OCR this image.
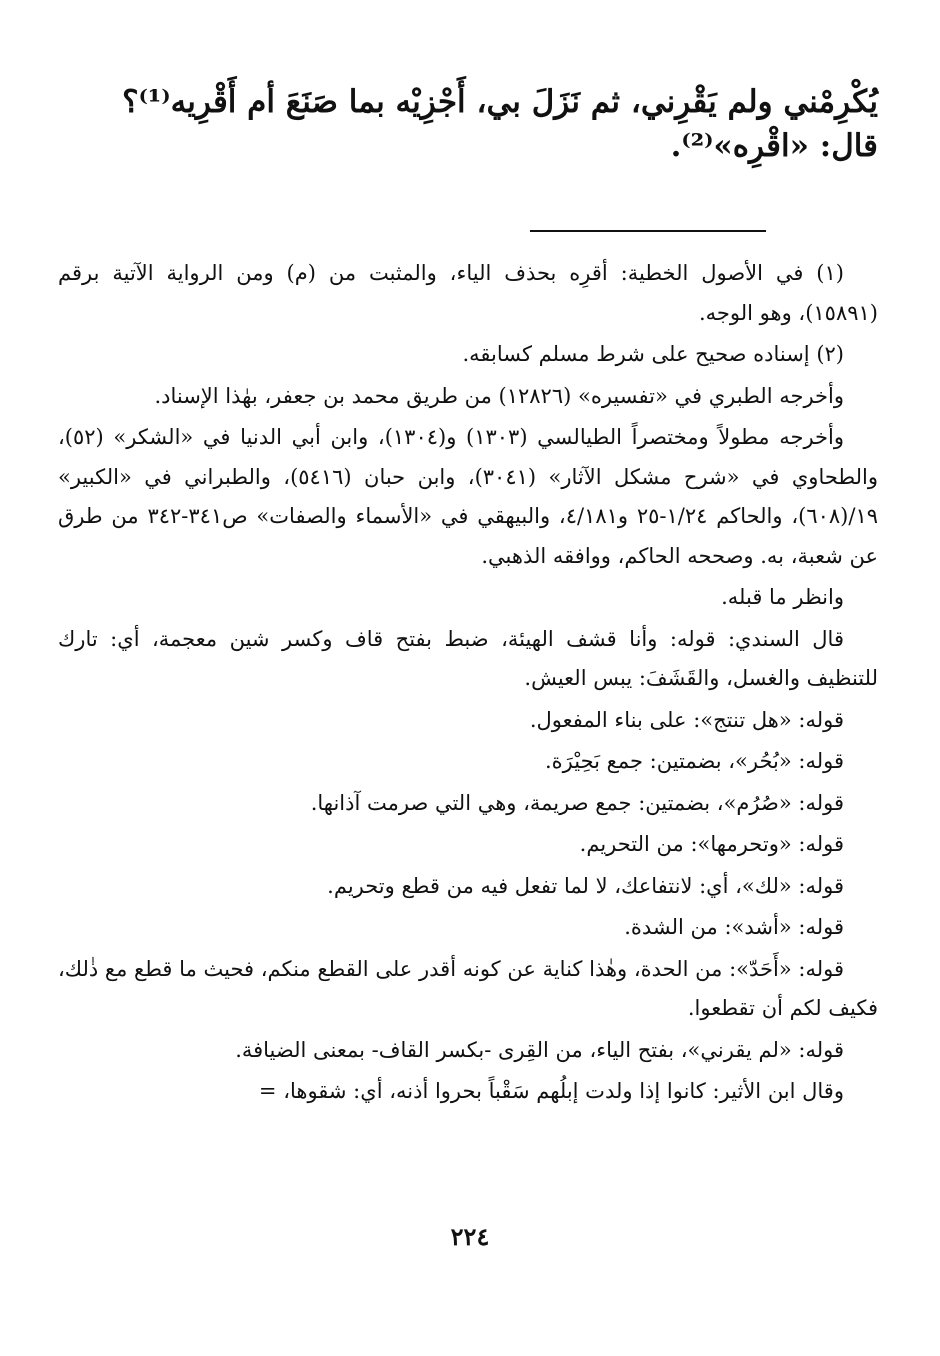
يُكْرِمْني ولم يَقْرِني، ثم نَزَلَ بي، أَجْزِيْه بما صَنَعَ أم أَقْرِيه⁽¹⁾؟
قال: «اقْرِه»⁽²⁾.

(١) في الأصول الخطية: أقرِه بحذف الياء، والمثبت من (م) ومن الرواية الآتية برقم (١٥٨٩١)، وهو الوجه.

(٢) إسناده صحيح على شرط مسلم كسابقه.

وأخرجه الطبري في «تفسيره» (١٢٨٢٦) من طريق محمد بن جعفر، بهٰذا الإسناد.

وأخرجه مطولاً ومختصراً الطيالسي (١٣٠٣) و(١٣٠٤)، وابن أبي الدنيا في «الشكر» (٥٢)، والطحاوي في «شرح مشكل الآثار» (٣٠٤١)، وابن حبان (٥٤١٦)، والطبراني في «الكبير» ١٩/(٦٠٨)، والحاكم ١/٢٤-٢٥ و٤/١٨١، والبيهقي في «الأسماء والصفات» ص٣٤١-٣٤٢ من طرق عن شعبة، به. وصححه الحاكم، ووافقه الذهبي.

وانظر ما قبله.

قال السندي: قوله: وأنا قشف الهيئة، ضبط بفتح قاف وكسر شين معجمة، أي: تارك للتنظيف والغسل، والقَشَفَ: يبس العيش.

قوله: «هل تنتج»: على بناء المفعول.

قوله: «بُحُر»، بضمتين: جمع بَحِيْرَة.

قوله: «صُرُم»، بضمتين: جمع صريمة، وهي التي صرمت آذانها.

قوله: «وتحرمها»: من التحريم.

قوله: «لك»، أي: لانتفاعك، لا لما تفعل فيه من قطع وتحريم.

قوله: «أشد»: من الشدة.

قوله: «أَحَدّ»: من الحدة، وهٰذا كناية عن كونه أقدر على القطع منكم، فحيث ما قطع مع ذٰلك، فكيف لكم أن تقطعوا.

قوله: «لم يقرني»، بفتح الياء، من القِرى -بكسر القاف- بمعنى الضيافة.

وقال ابن الأثير: كانوا إذا ولدت إبلُهم سَقْباً بحروا أذنه، أي: شقوها، =

٢٢٤
